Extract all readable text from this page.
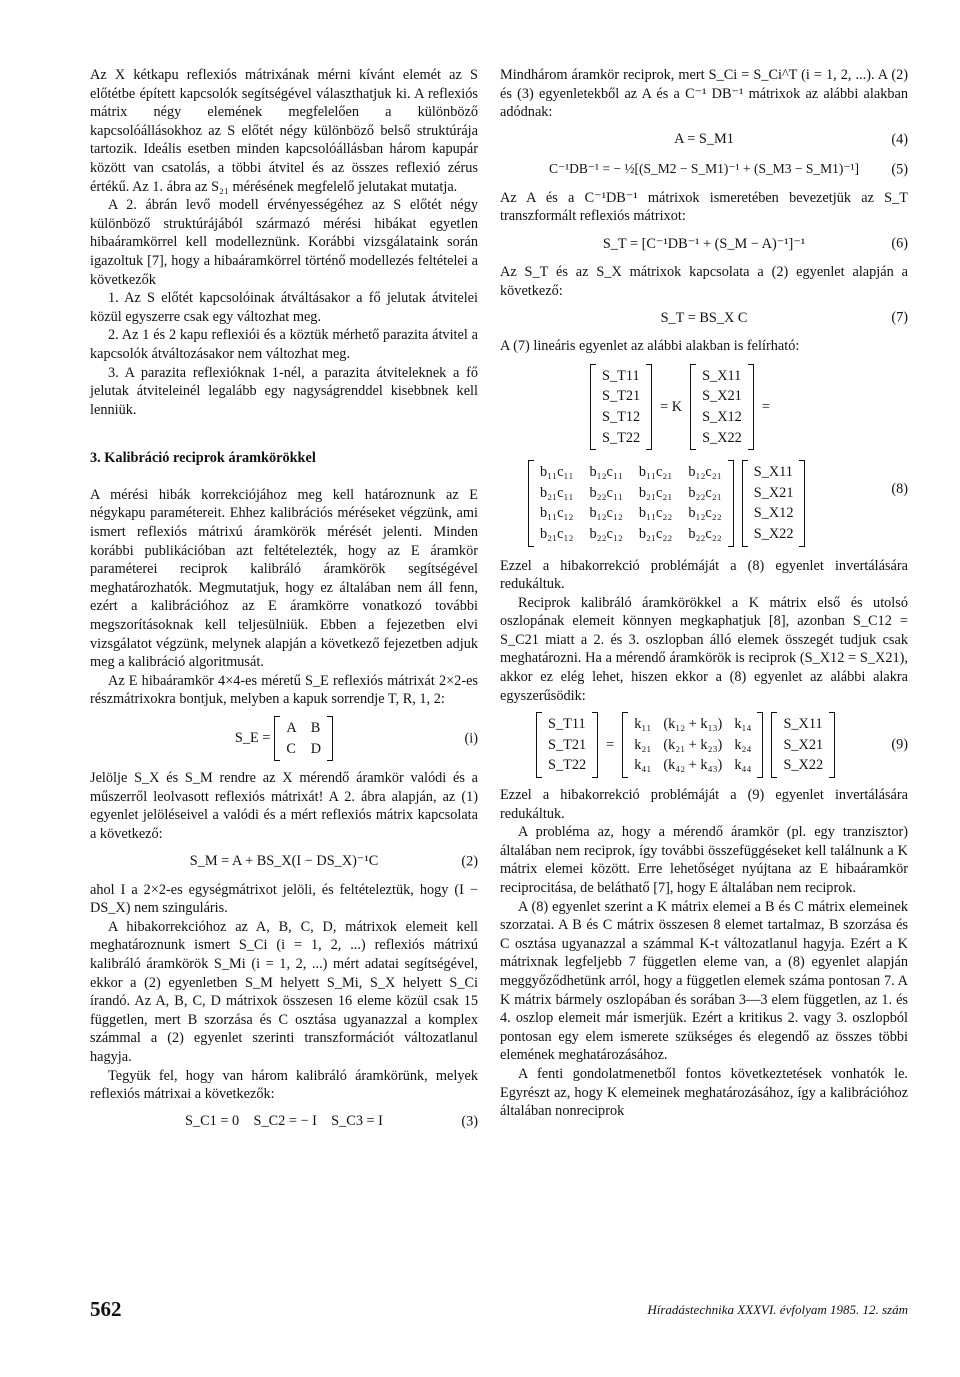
Az X kétkapu reflexiós mátrixának mérni kívánt elemét az S előtétbe épített kapcsolók segítségével választhatjuk ki. A reflexiós mátrix négy elemének megfelelően a különböző kapcsolóállásokhoz az S előtét négy különböző belső struktúrája tartozik. Ideális esetben minden kapcsolóállásban három kapupár között van csatolás, a többi átvitel és az összes reflexió zérus értékű. Az 1. ábra az S₂₁ mérésének megfelelő jelutakat mutatja.

A 2. ábrán levő modell érvényességéhez az S előtét négy különböző struktúrájából származó mérési hibákat egyetlen hibaáramkörrel kell modelleznünk. Korábbi vizsgálataink során igazoltuk [7], hogy a hibaáramkörrel történő modellezés feltételei a következők

1. Az S előtét kapcsolóinak átváltásakor a fő jelutak átvitelei közül egyszerre csak egy változhat meg.

2. Az 1 és 2 kapu reflexiói és a köztük mérhető parazita átvitel a kapcsolók átváltozásakor nem változhat meg.

3. A parazita reflexióknak 1-nél, a parazita átviteleknek a fő jelutak átviteleinél legalább egy nagyságrenddel kisebbnek kell lenniük.

3. Kalibráció reciprok áramkörökkel

A mérési hibák korrekciójához meg kell határoznunk az E négykapu paramétereit. Ehhez kalibrációs méréseket végzünk, ami ismert reflexiós mátrixú áramkörök mérését jelenti. Minden korábbi publikációban azt feltételezték, hogy az E áramkör paraméterei reciprok kalibráló áramkörök segítségével meghatározhatók. Megmutatjuk, hogy ez általában nem áll fenn, ezért a kalibrációhoz az E áramkörre vonatkozó további megszorításoknak kell teljesülniük. Ebben a fejezetben elvi vizsgálatot végzünk, melynek alapján a következő fejezetben adjuk meg a kalibráció algoritmusát.

Az E hibaáramkör 4×4-es méretű S_E reflexiós mátrixát 2×2-es részmátrixokra bontjuk, melyben a kapuk sorrendje T, R, 1, 2:

S_E =
A B
C D
(i)

Jelölje S_X és S_M rendre az X mérendő áramkör valódi és a műszerről leolvasott reflexiós mátrixát! A 2. ábra alapján, az (1) egyenlet jelöléseivel a valódi és a mért reflexiós mátrix kapcsolata a következő:

S_M = A + BS_X(I − DS_X)⁻¹C	(2)

ahol I a 2×2-es egységmátrixot jelöli, és feltételeztük, hogy (I − DS_X) nem szinguláris.

A hibakorrekcióhoz az A, B, C, D, mátrixok elemeit kell meghatároznunk ismert S_Ci (i = 1, 2, ...) reflexiós mátrixú kalibráló áramkörök S_Mi (i = 1, 2, ...) mért adatai segítségével, ekkor a (2) egyenletben S_M helyett S_Mi, S_X helyett S_Ci írandó. Az A, B, C, D mátrixok összesen 16 eleme közül csak 15 független, mert B szorzása és C osztása ugyanazzal a komplex számmal a (2) egyenlet szerinti transzformációt változatlanul hagyja.

Tegyük fel, hogy van három kalibráló áramkörünk, melyek reflexiós mátrixai a következők:

S_C1 = 0    S_C2 = − I    S_C3 = I	(3)

Mindhárom áramkör reciprok, mert S_Ci = S_Ci^T (i = 1, 2, ...). A (2) és (3) egyenletekből az A és a C⁻¹ DB⁻¹ mátrixok az alábbi alakban adódnak:

A = S_M1	(4)
C⁻¹DB⁻¹ = − ½[(S_M2 − S_M1)⁻¹ + (S_M3 − S_M1)⁻¹] (5)

Az A és a C⁻¹DB⁻¹ mátrixok ismeretében bevezetjük az S_T transzformált reflexiós mátrixot:

S_T = [C⁻¹DB⁻¹ + (S_M − A)⁻¹]⁻¹	(6)

Az S_T és az S_X mátrixok kapcsolata a (2) egyenlet alapján a következő:

S_T = BS_X C	(7)

A (7) lineáris egyenlet az alábbi alakban is felírható:

S_T11
S_T21
S_T12
S_T22
= K
S_X11
S_X21
S_X12
S_X22
=
b₁₁c₁₁ b₁₂c₁₁ b₁₁c₂₁ b₁₂c₂₁
b₂₁c₁₁ b₂₂c₁₁ b₂₁c₂₁ b₂₂c₂₁
b₁₁c₁₂ b₁₂c₁₂ b₁₁c₂₂ b₁₂c₂₂
b₂₁c₁₂ b₂₂c₁₂ b₂₁c₂₂ b₂₂c₂₂
S_X11
S_X21
S_X12
S_X22
(8)

Ezzel a hibakorrekció problémáját a (8) egyenlet invertálására redukáltuk.

Reciprok kalibráló áramkörökkel a K mátrix első és utolsó oszlopának elemeit könnyen megkaphatjuk [8], azonban S_C12 = S_C21 miatt a 2. és 3. oszlopban álló elemek összegét tudjuk csak meghatározni. Ha a mérendő áramkörök is reciprok (S_X12 = S_X21), akkor ez elég lehet, hiszen ekkor a (8) egyenlet az alábbi alakra egyszerűsödik:

S_T11
S_T21
S_T22
=
k₁₁ (k₁₂ + k₁₃) k₁₄
k₂₁ (k₂₁ + k₂₃) k₂₄
k₄₁ (k₄₂ + k₄₃) k₄₄
S_X11
S_X21
S_X22
(9)

Ezzel a hibakorrekció problémáját a (9) egyenlet invertálására redukáltuk.

A probléma az, hogy a mérendő áramkör (pl. egy tranzisztor) általában nem reciprok, így további összefüggéseket kell találnunk a K mátrix elemei között. Erre lehetőséget nyújtana az E hibaáramkör reciprocitása, de beláthatő [7], hogy E általában nem reciprok.

A (8) egyenlet szerint a K mátrix elemei a B és C mátrix elemeinek szorzatai. A B és C mátrix összesen 8 elemet tartalmaz, B szorzása és C osztása ugyanazzal a számmal K-t változatlanul hagyja. Ezért a K mátrixnak legfeljebb 7 független eleme van, a (8) egyenlet alapján meggyőződhetünk arról, hogy a független elemek száma pontosan 7. A K mátrix bármely oszlopában és sorában 3—3 elem független, az 1. és 4. oszlop elemeit már ismerjük. Ezért a kritikus 2. vagy 3. oszlopból pontosan egy elem ismerete szükséges és elegendő az összes többi elemének meghatározásához.

A fenti gondolatmenetből fontos következtetések vonhatók le. Egyrészt az, hogy K elemeinek meghatározásához, így a kalibrációhoz általában nonreciprok

562	Híradástechnika XXXVI. évfolyam 1985. 12. szám
